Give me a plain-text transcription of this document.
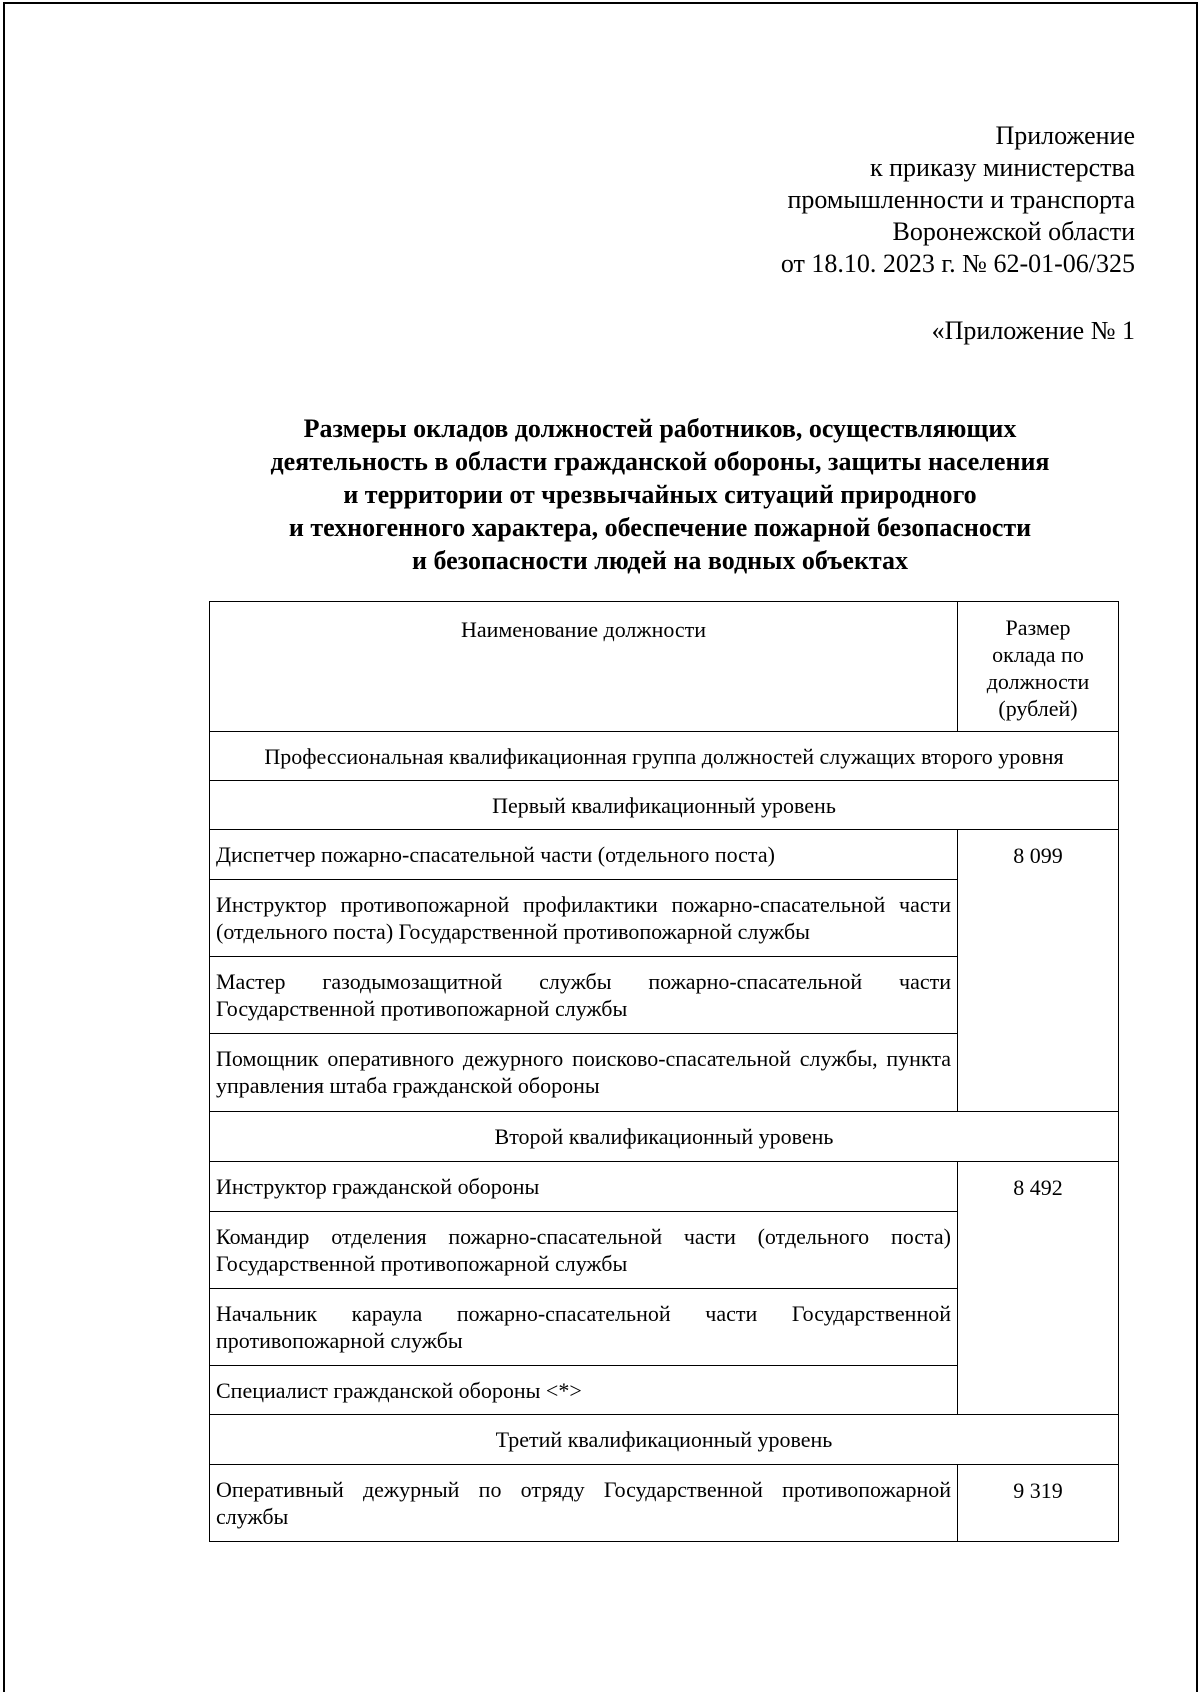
Приложение
к приказу министерства
промышленности и транспорта
Воронежской области
от 18.10. 2023 г. № 62-01-06/325
«Приложение № 1
Размеры окладов должностей работников, осуществляющих
деятельность в области гражданской обороны, защиты населения
и территории от чрезвычайных ситуаций природного
и техногенного характера, обеспечение пожарной безопасности
и безопасности людей на водных объектах
Наименование должности	Размер
оклада по
должности
(рублей)

Профессиональная квалификационная группа должностей служащих второго уровня	
Первый квалификационный уровень	
Диспетчер пожарно-спасательной части (отдельного поста)	8 099
Инструктор противопожарной профилактики пожарно-спасательной части (отдельного поста) Государственной противопожарной службы	
Мастер газодымозащитной службы пожарно-спасательной части Государственной противопожарной службы	
Помощник оперативного дежурного поисково-спасательной службы, пункта управления штаба гражданской обороны	
Второй квалификационный уровень	
Инструктор гражданской обороны	8 492
Командир отделения пожарно-спасательной части (отдельного поста) Государственной противопожарной службы	
Начальник караула пожарно-спасательной части Государственной противопожарной службы	
Специалист гражданской обороны <*>	
Третий квалификационный уровень	
Оперативный дежурный по отряду Государственной противопожарной службы	9 319
